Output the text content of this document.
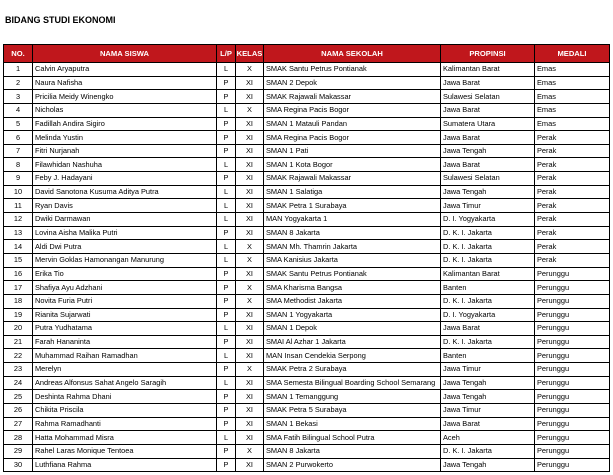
BIDANG STUDI EKONOMI
NO.	NAMA SISWA	L/P	KELAS	NAMA SEKOLAH	PROPINSI	MEDALI
1	Calvin Aryaputra	L	X	SMAK Santu Petrus Pontianak	Kalimantan Barat	Emas
2	Naura Nafisha	P	XI	SMAN 2 Depok	Jawa Barat	Emas
3	Pricilia Meidy Winengko	P	XI	SMAK Rajawali Makassar	Sulawesi Selatan	Emas
4	Nicholas	L	X	SMA Regina Pacis Bogor	Jawa Barat	Emas
5	Fadillah Andira Sigiro	P	XI	SMAN 1 Matauli Pandan	Sumatera Utara	Emas
6	Melinda Yustin	P	XI	SMA Regina Pacis Bogor	Jawa Barat	Perak
7	Fitri Nurjanah	P	XI	SMAN 1 Pati	Jawa Tengah	Perak
8	Filawhidan Nashuha	L	XI	SMAN 1 Kota Bogor	Jawa Barat	Perak
9	Feby J. Hadayani	P	XI	SMAK Rajawali Makassar	Sulawesi Selatan	Perak
10	David Sanotona Kusuma Aditya Putra	L	XI	SMAN 1 Salatiga	Jawa Tengah	Perak
11	Ryan Davis	L	XI	SMAK Petra 1 Surabaya	Jawa Timur	Perak
12	Dwiki Darmawan	L	XI	MAN Yogyakarta 1	D. I. Yogyakarta	Perak
13	Lovina Aisha Malika Putri	P	XI	SMAN 8 Jakarta	D. K. I. Jakarta	Perak
14	Aldi Dwi Putra	L	X	SMAN Mh. Thamrin Jakarta	D. K. I. Jakarta	Perak
15	Mervin Goklas Hamonangan Manurung	L	X	SMA Kanisius Jakarta	D. K. I. Jakarta	Perak
16	Erika Tio	P	XI	SMAK Santu Petrus Pontianak	Kalimantan Barat	Perunggu
17	Shafiya Ayu Adzhani	P	X	SMA Kharisma Bangsa	Banten	Perunggu
18	Novita Furia Putri	P	X	SMA Methodist Jakarta	D. K. I. Jakarta	Perunggu
19	Rianita Sujarwati	P	XI	SMAN 1 Yogyakarta	D. I. Yogyakarta	Perunggu
20	Putra Yudhatama	L	XI	SMAN 1 Depok	Jawa Barat	Perunggu
21	Farah Hananinta	P	XI	SMAI Al Azhar 1 Jakarta	D. K. I. Jakarta	Perunggu
22	Muhammad Raihan Ramadhan	L	XI	MAN Insan Cendekia Serpong	Banten	Perunggu
23	Merelyn	P	X	SMAK Petra 2 Surabaya	Jawa Timur	Perunggu
24	Andreas Alfonsus Sahat Angelo Saragih	L	XI	SMA Semesta Bilingual Boarding School Semarang	Jawa Tengah	Perunggu
25	Deshinta Rahma Dhani	P	XI	SMAN 1 Temanggung	Jawa Tengah	Perunggu
26	Chikita Priscila	P	XI	SMAK Petra 5 Surabaya	Jawa Timur	Perunggu
27	Rahma Ramadhanti	P	XI	SMAN 1 Bekasi	Jawa Barat	Perunggu
28	Hatta Mohammad Misra	L	XI	SMA Fatih Bilingual School Putra	Aceh	Perunggu
29	Rahel Laras Monique Tentoea	P	X	SMAN 8 Jakarta	D. K. I. Jakarta	Perunggu
30	Luthfiana Rahma	P	XI	SMAN 2 Purwokerto	Jawa Tengah	Perunggu
